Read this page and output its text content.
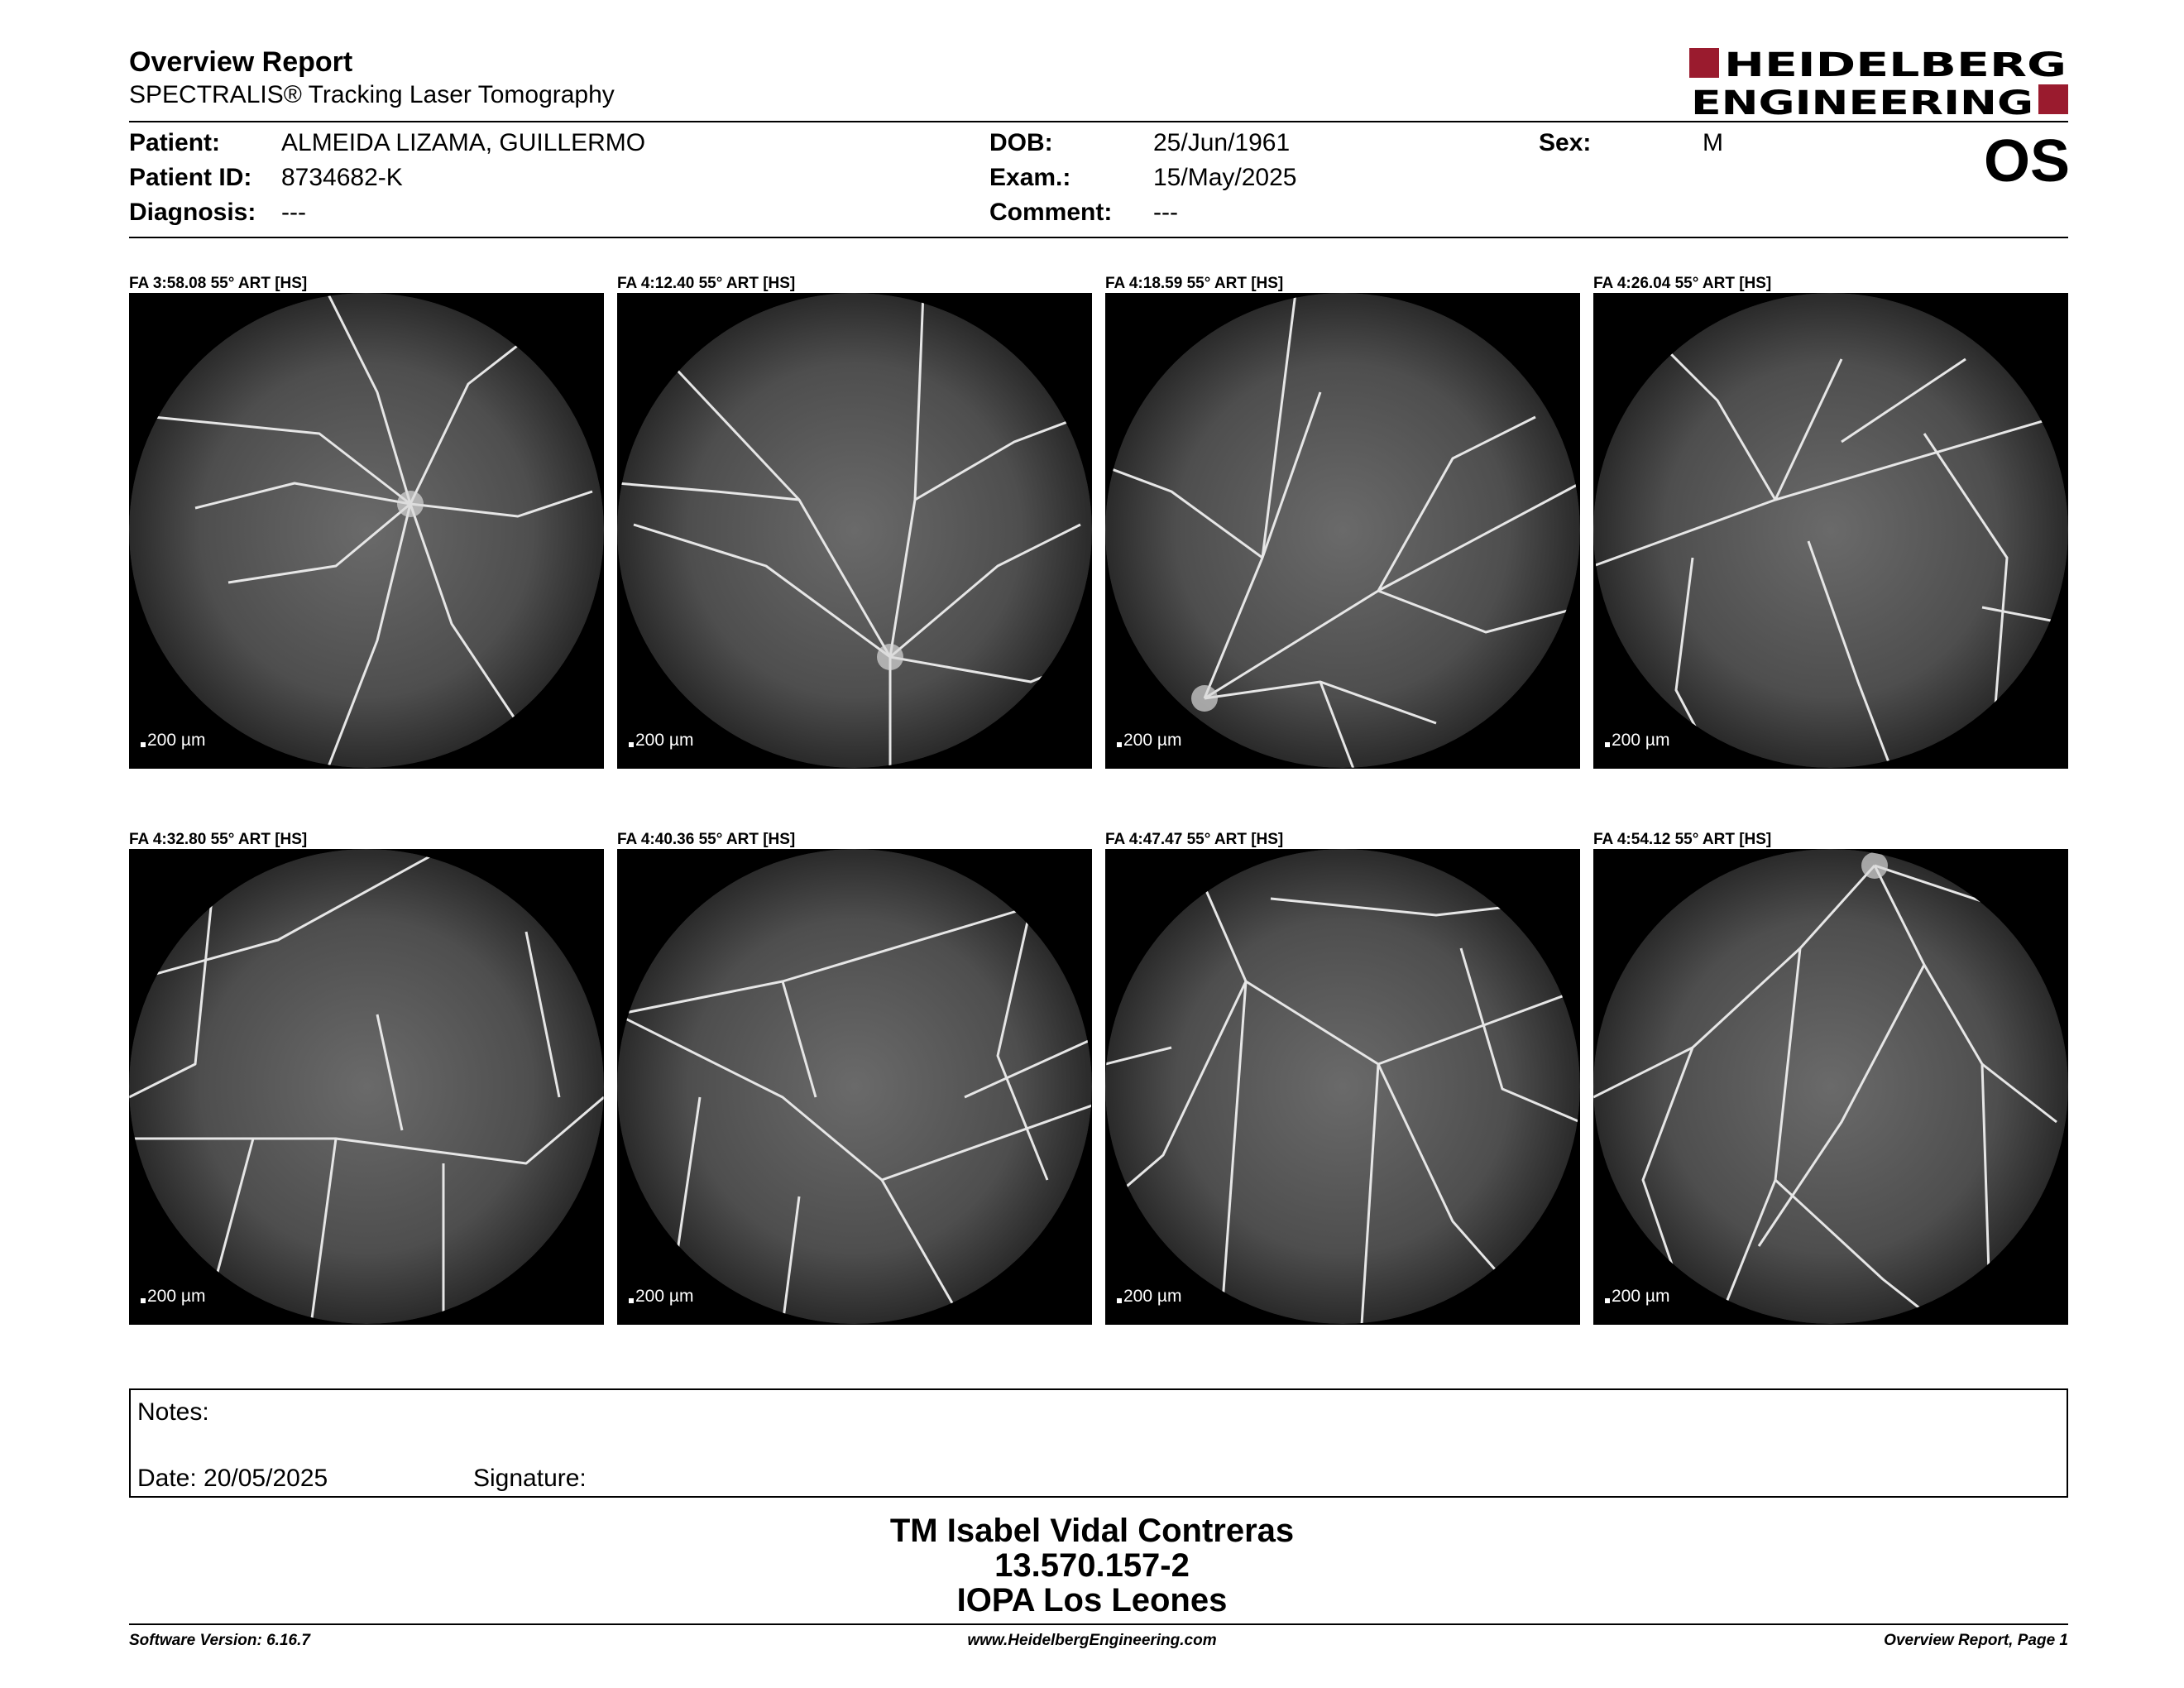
Overview Report
SPECTRALIS® Tracking Laser Tomography
HEIDELBERG
ENGINEERING
Patient: ALMEIDA LIZAMA, GUILLERMO
Patient ID: 8734682-K
Diagnosis: ---
DOB:	25/Jun/1961
Exam.:	15/May/2025
Comment: ---
Sex:	M	OS
FA 3:58.08 55° ART [HS]
200 µm
FA 4:12.40 55° ART [HS]
200 µm
FA 4:18.59 55° ART [HS]
200 µm
FA 4:26.04 55° ART [HS]
200 µm
FA 4:32.80 55° ART [HS]
200 µm
FA 4:40.36 55° ART [HS]
200 µm
FA 4:47.47 55° ART [HS]
200 µm
FA 4:54.12 55° ART [HS]
200 µm
Notes:
Date: 20/05/2025	Signature:
TM Isabel Vidal Contreras
13.570.157-2
IOPA Los Leones
Software Version: 6.16.7	www.HeidelbergEngineering.com	Overview Report, Page 1
